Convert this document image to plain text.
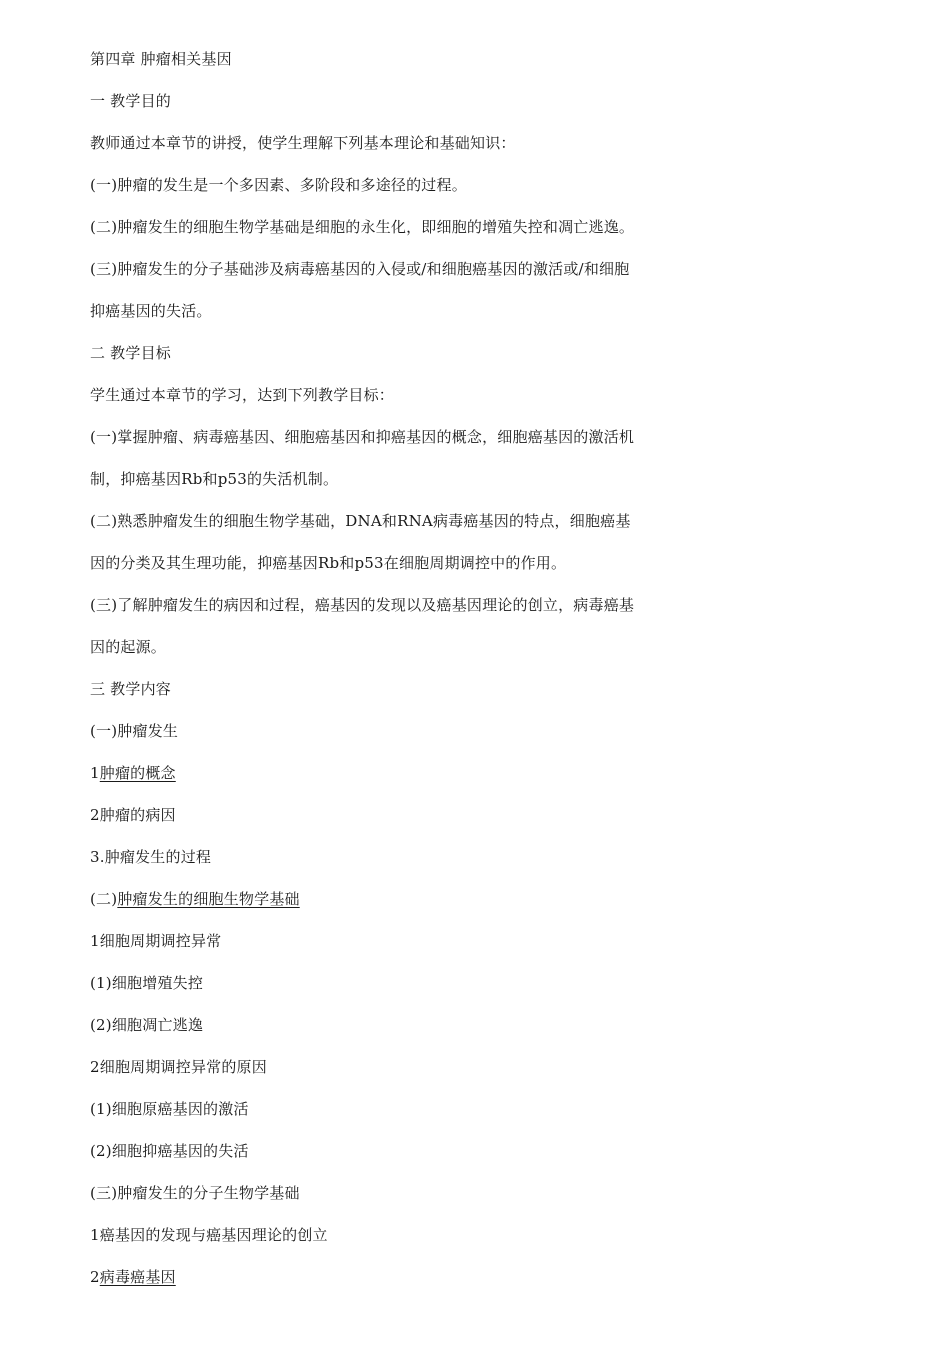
第四章 肿瘤相关基因
一 教学目的
教师通过本章节的讲授，使学生理解下列基本理论和基础知识：
(一)肿瘤的发生是一个多因素、多阶段和多途径的过程。
(二)肿瘤发生的细胞生物学基础是细胞的永生化，即细胞的增殖失控和凋亡逃逸。
(三)肿瘤发生的分子基础涉及病毒癌基因的入侵或/和细胞癌基因的激活或/和细胞
抑癌基因的失活。
二 教学目标
学生通过本章节的学习，达到下列教学目标：
(一)掌握肿瘤、病毒癌基因、细胞癌基因和抑癌基因的概念，细胞癌基因的激活机
制，抑癌基因Rb和p53的失活机制。
(二)熟悉肿瘤发生的细胞生物学基础，DNA和RNA病毒癌基因的特点，细胞癌基
因的分类及其生理功能，抑癌基因Rb和p53在细胞周期调控中的作用。
(三)了解肿瘤发生的病因和过程，癌基因的发现以及癌基因理论的创立，病毒癌基
因的起源。
三 教学内容
(一)肿瘤发生
1肿瘤的概念
2肿瘤的病因
3.肿瘤发生的过程
(二)肿瘤发生的细胞生物学基础
1细胞周期调控异常
(1)细胞增殖失控
(2)细胞凋亡逃逸
2细胞周期调控异常的原因
(1)细胞原癌基因的激活
(2)细胞抑癌基因的失活
(三)肿瘤发生的分子生物学基础
1癌基因的发现与癌基因理论的创立
2病毒癌基因
